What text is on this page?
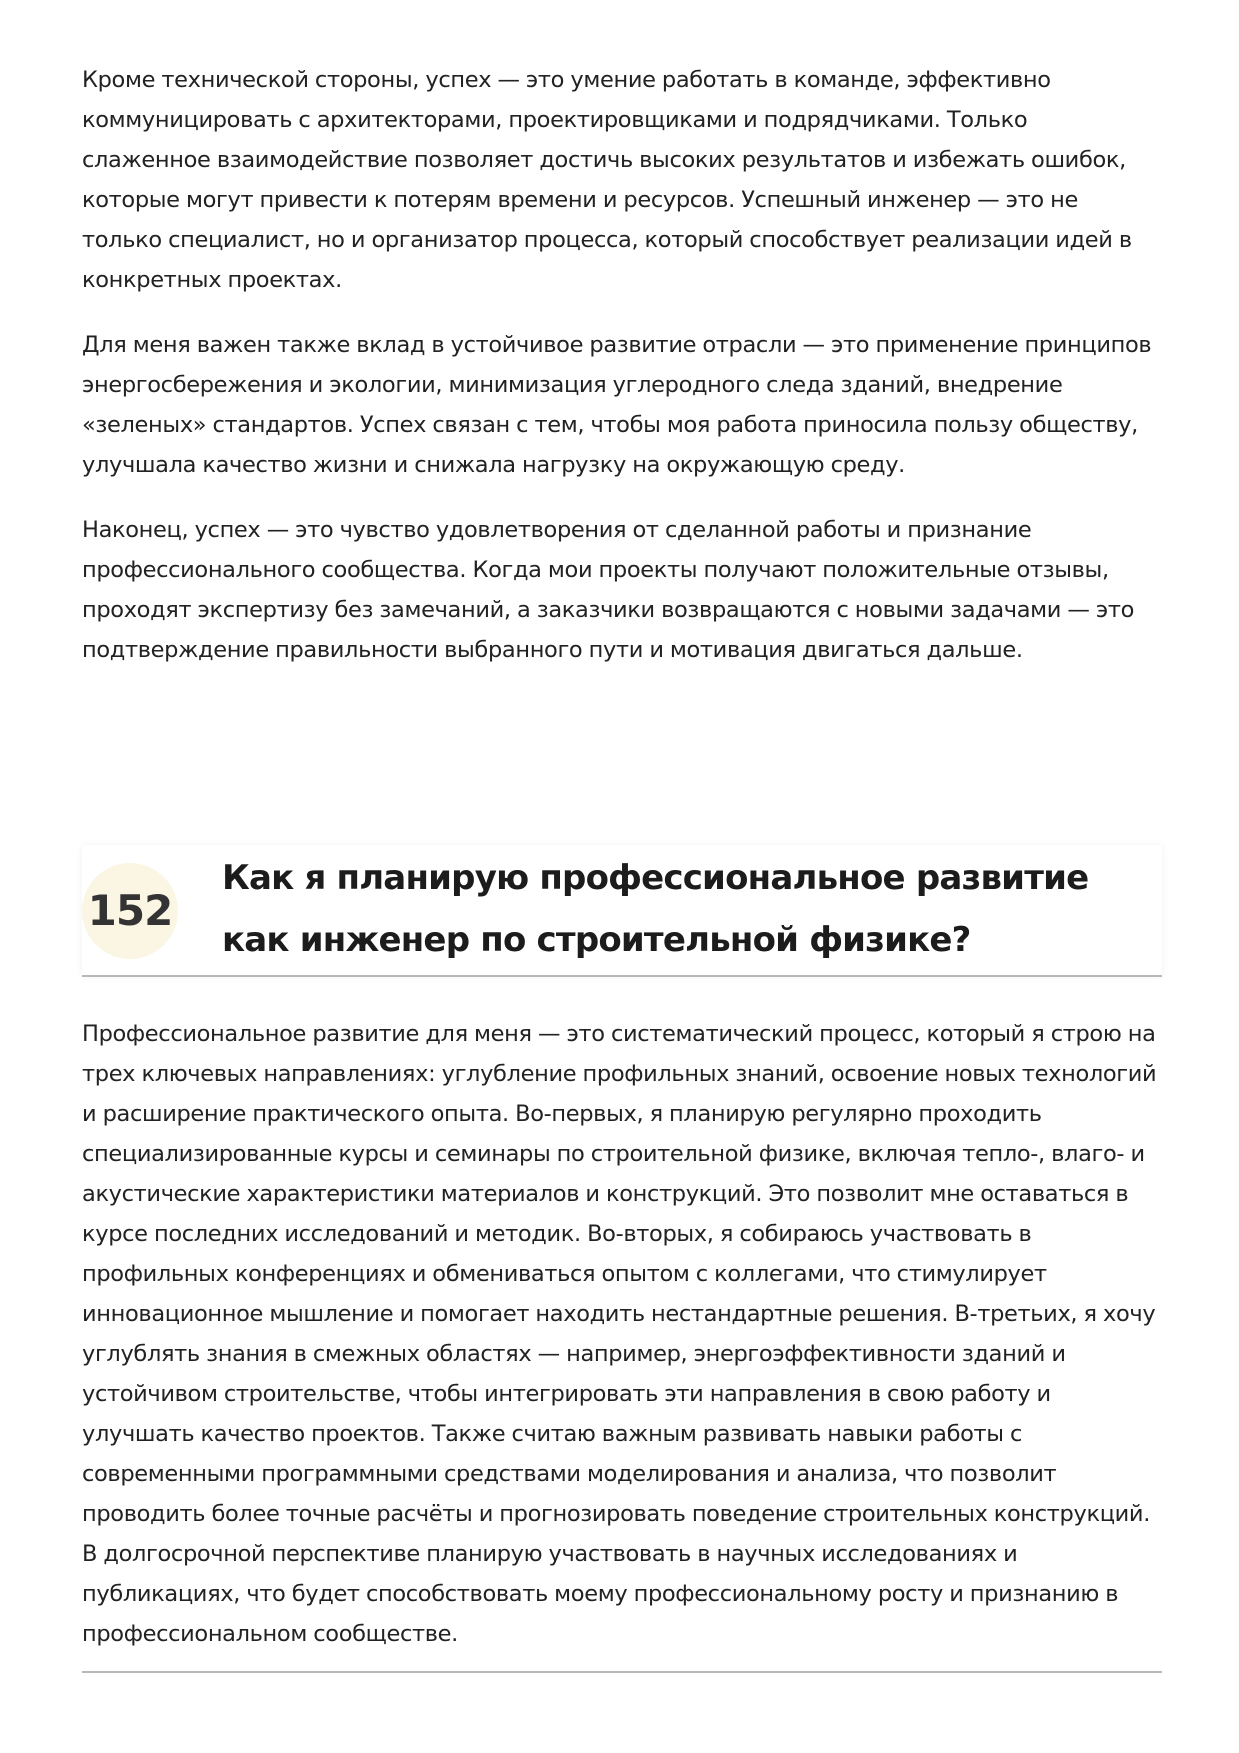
Кроме технической стороны, успех — это умение работать в команде, эффективно коммуницировать с архитекторами, проектировщиками и подрядчиками. Только слаженное взаимодействие позволяет достичь высоких результатов и избежать ошибок, которые могут привести к потерям времени и ресурсов. Успешный инженер — это не только специалист, но и организатор процесса, который способствует реализации идей в конкретных проектах.

Для меня важен также вклад в устойчивое развитие отрасли — это применение принципов энергосбережения и экологии, минимизация углеродного следа зданий, внедрение «зеленых» стандартов. Успех связан с тем, чтобы моя работа приносила пользу обществу, улучшала качество жизни и снижала нагрузку на окружающую среду.

Наконец, успех — это чувство удовлетворения от сделанной работы и признание профессионального сообщества. Когда мои проекты получают положительные отзывы, проходят экспертизу без замечаний, а заказчики возвращаются с новыми задачами — это подтверждение правильности выбранного пути и мотивация двигаться дальше.

152
Как я планирую профессиональное развитие как инженер по строительной физике?

Профессиональное развитие для меня — это систематический процесс, который я строю на трех ключевых направлениях: углубление профильных знаний, освоение новых технологий и расширение практического опыта. Во-первых, я планирую регулярно проходить специализированные курсы и семинары по строительной физике, включая тепло-, влаго- и акустические характеристики материалов и конструкций. Это позволит мне оставаться в курсе последних исследований и методик. Во-вторых, я собираюсь участвовать в профильных конференциях и обмениваться опытом с коллегами, что стимулирует инновационное мышление и помогает находить нестандартные решения. В-третьих, я хочу углублять знания в смежных областях — например, энергоэффективности зданий и устойчивом строительстве, чтобы интегрировать эти направления в свою работу и улучшать качество проектов. Также считаю важным развивать навыки работы с современными программными средствами моделирования и анализа, что позволит проводить более точные расчёты и прогнозировать поведение строительных конструкций. В долгосрочной перспективе планирую участвовать в научных исследованиях и публикациях, что будет способствовать моему профессиональному росту и признанию в профессиональном сообществе.
